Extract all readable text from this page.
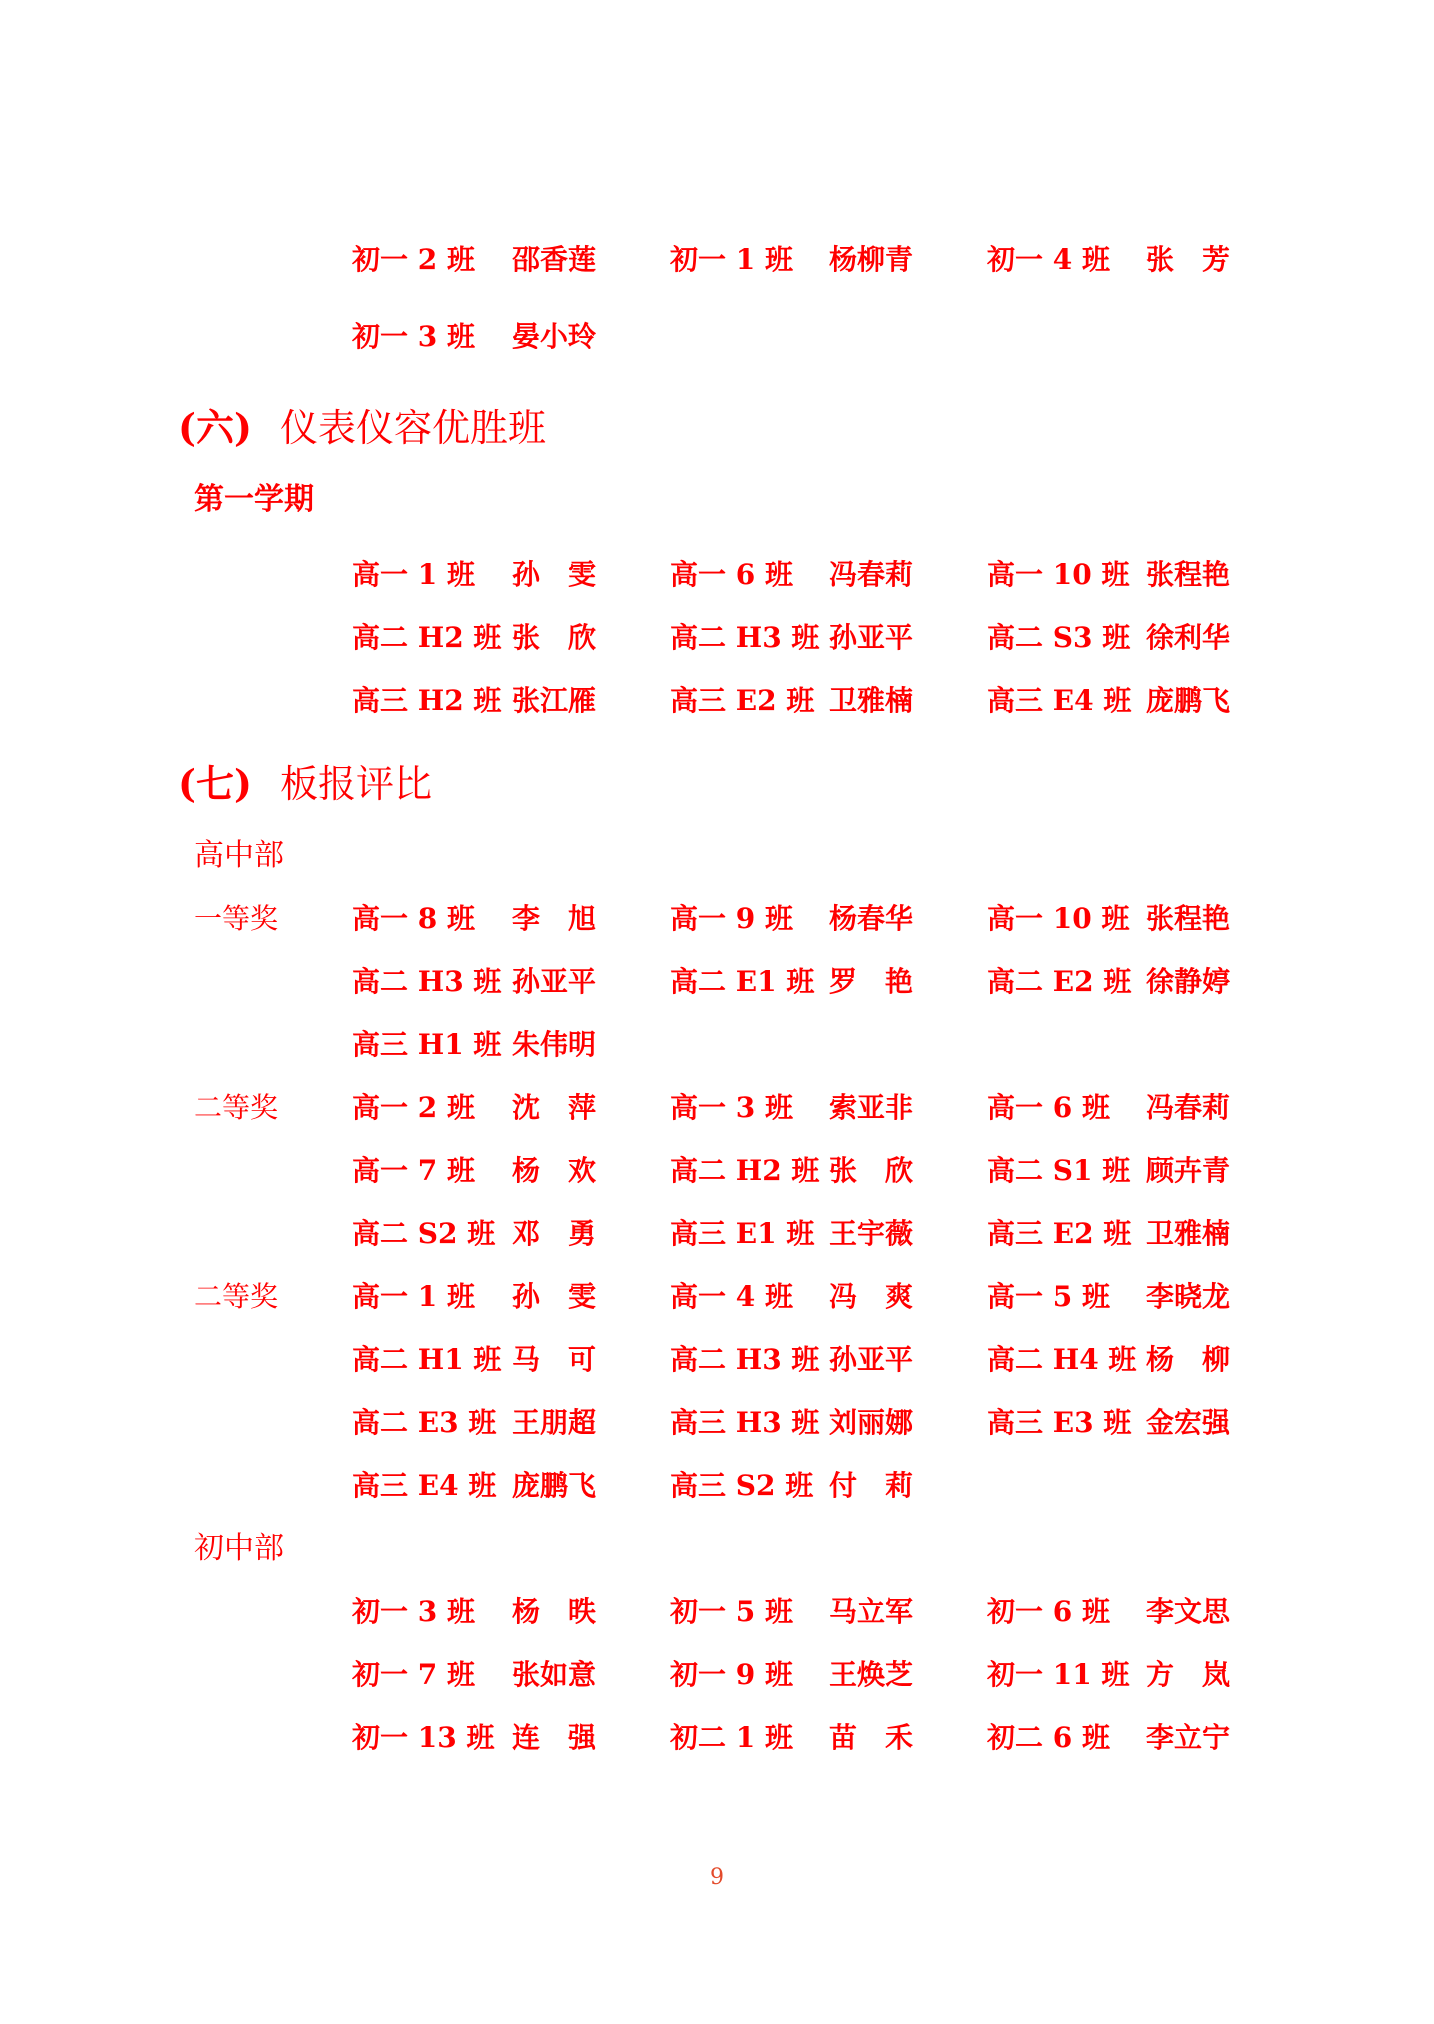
初一 2 班 邵香莲	初一 1 班 杨柳青	初一 4 班 张　芳
初一 3 班 晏小玲
(六) 仪表仪容优胜班
第一学期
高一 1 班 孙　雯	高一 6 班 冯春莉	高一 10 班 张程艳
高二 H2 班 张　欣	高二 H3 班 孙亚平	高二 S3 班 徐利华
高三 H2 班 张江雁	高三 E2 班 卫雅楠	高三 E4 班 庞鹏飞
(七) 板报评比
高中部
一等奖	高一 8 班 李　旭	高一 9 班 杨春华	高一 10 班 张程艳
高二 H3 班 孙亚平	高二 E1 班 罗　艳	高二 E2 班 徐静婷
高三 H1 班 朱伟明
二等奖	高一 2 班 沈　萍	高一 3 班 索亚非	高一 6 班 冯春莉
高一 7 班 杨　欢	高二 H2 班 张　欣	高二 S1 班 顾卉青
高二 S2 班 邓　勇	高三 E1 班 王宇薇	高三 E2 班 卫雅楠
二等奖	高一 1 班 孙　雯	高一 4 班 冯　爽	高一 5 班 李晓龙
高二 H1 班 马　可	高二 H3 班 孙亚平	高二 H4 班 杨　柳
高二 E3 班 王朋超	高三 H3 班 刘丽娜	高三 E3 班 金宏强
高三 E4 班 庞鹏飞	高三 S2 班 付　莉
初中部
初一 3 班 杨　昳	初一 5 班 马立军	初一 6 班 李文思
初一 7 班 张如意	初一 9 班 王焕芝	初一 11 班 方　岚
初一 13 班 连　强	初二 1 班 苗　禾	初二 6 班 李立宁
9
